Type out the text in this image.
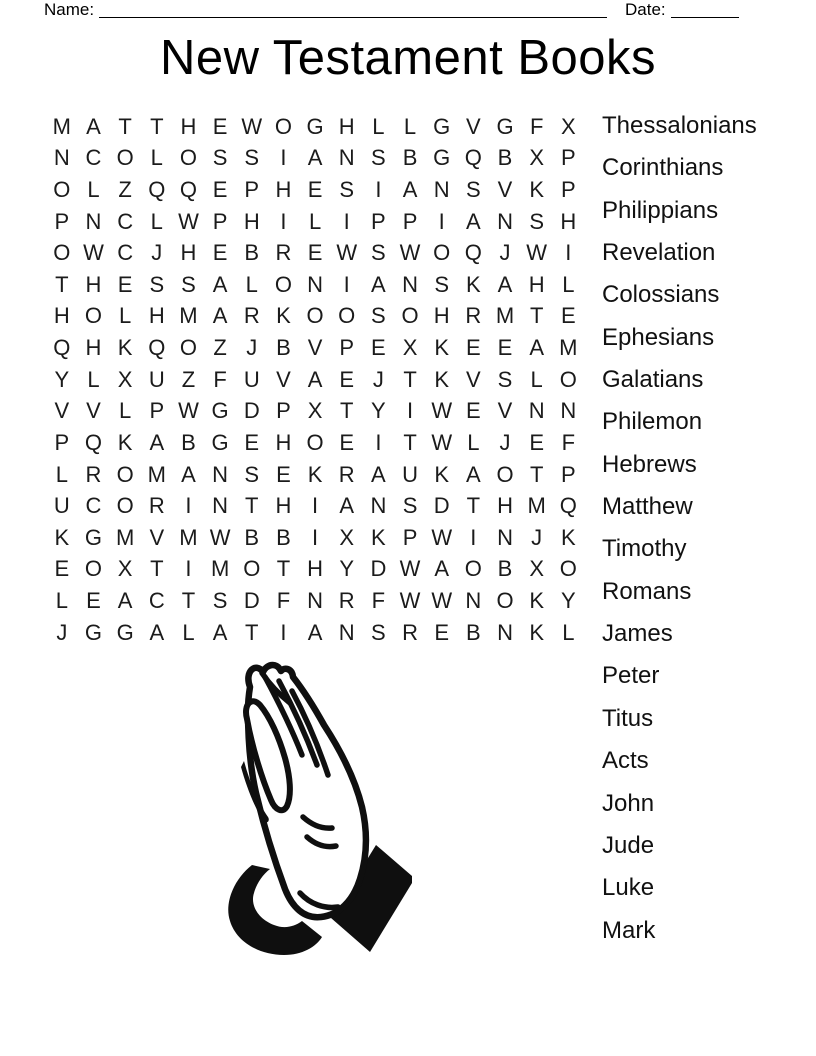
Name:	Date:
New Testament Books
M A T T H E W O G H L L G V G F X
N C O L O S S I A N S B G Q B X P
O L Z Q Q E P H E S I A N S V K P
P N C L W P H I	L	I P P I A N S H
O W C J H E B R E W S W O Q J W I
T H E S S A L O N I A N S K A H L
H O L H M A R K O O S O H R M T E
Q H K Q O Z J B V P E X K E E A M
Y L X U Z F U V A E J T K V S L O
V V L P W G D P X T Y I W E V N N
P Q K A B G E H O E I T W L J E F
L R O M A N S E K R A U K A O T P
U C O R I N T H I A N S D T H M Q
K G M V M W B B I X K P W I N J K
E O X T I M O T H Y D W A O B X O
L E A C T S D F N R F W W N O K Y
J G G A L A T I A N S R E B N K L
Thessalonians
Corinthians
Philippians
Revelation
Colossians
Ephesians
Galatians
Philemon
Hebrews
Matthew
Timothy
Romans
James
Peter
Titus
Acts
John
Jude
Luke
Mark
